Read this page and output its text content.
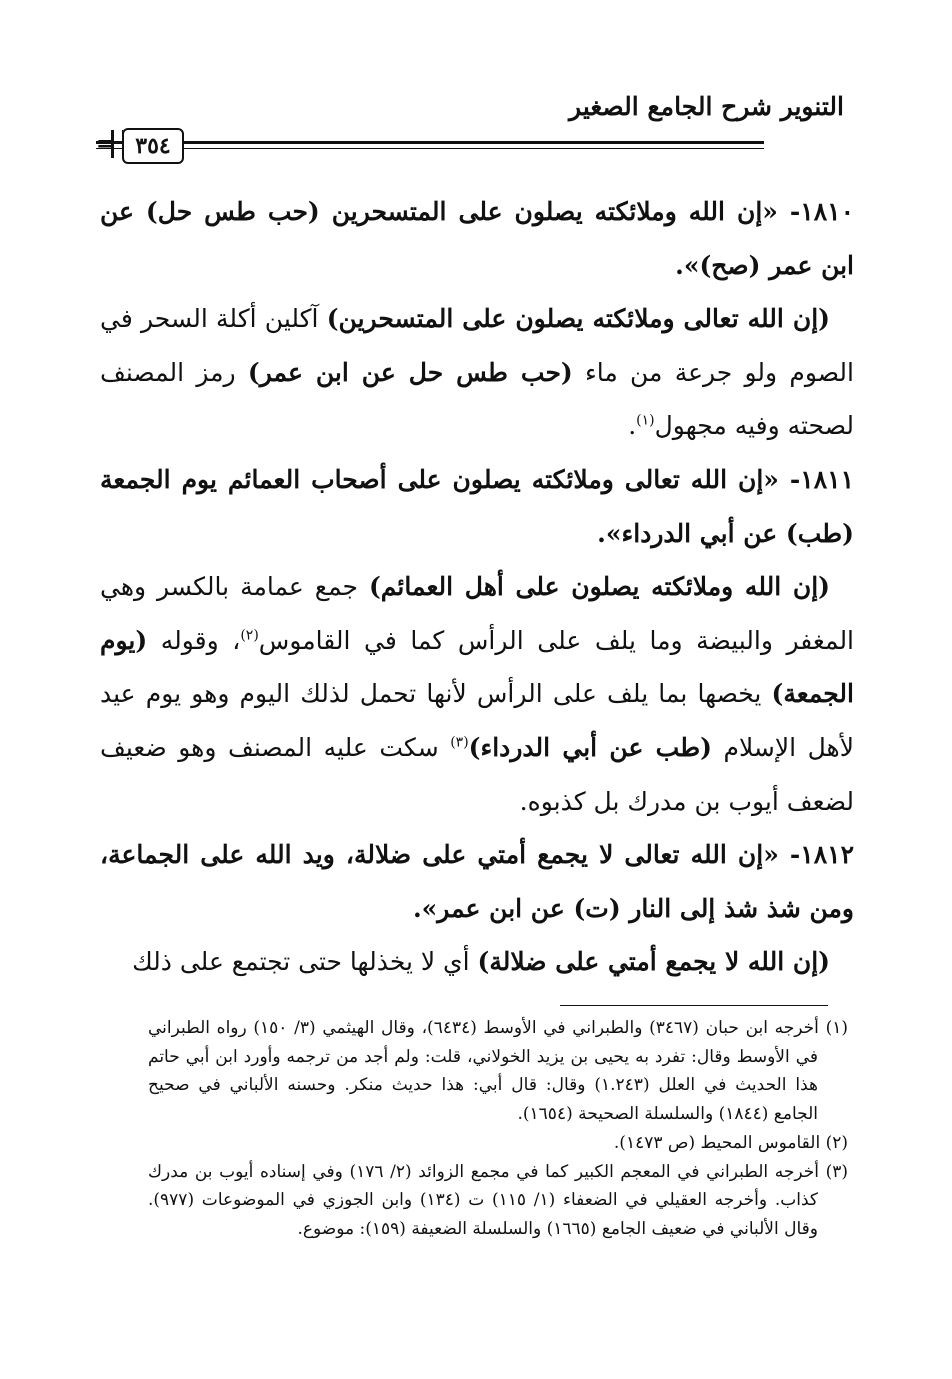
التنوير شرح الجامع الصغير
= ٣٥٤

١٨١٠- «إن الله وملائكته يصلون على المتسحرين (حب طس حل) عن ابن عمر (صح)».

(إن الله تعالى وملائكته يصلون على المتسحرين) آكلين أكلة السحر في الصوم ولو جرعة من ماء (حب طس حل عن ابن عمر) رمز المصنف لصحته وفيه مجهول$^{(١)}$.

١٨١١- «إن الله تعالى وملائكته يصلون على أصحاب العمائم يوم الجمعة (طب) عن أبي الدرداء».

(إن الله وملائكته يصلون على أهل العمائم) جمع عمامة بالكسر وهي المغفر والبيضة وما يلف على الرأس كما في القاموس$^{(٢)}$، وقوله (يوم الجمعة) يخصها بما يلف على الرأس لأنها تحمل لذلك اليوم وهو يوم عيد لأهل الإسلام (طب عن أبي الدرداء)$^{(٣)}$ سكت عليه المصنف وهو ضعيف لضعف أيوب بن مدرك بل كذبوه.

١٨١٢- «إن الله تعالى لا يجمع أمتي على ضلالة، ويد الله على الجماعة، ومن شذ شذ إلى النار (ت) عن ابن عمر».

(إن الله لا يجمع أمتي على ضلالة) أي لا يخذلها حتى تجتمع على ذلك

(١) أخرجه ابن حبان (٣٤٦٧) والطبراني في الأوسط (٦٤٣٤)، وقال الهيثمي (٣/ ١٥٠) رواه الطبراني في الأوسط وقال: تفرد به يحيى بن يزيد الخولاني، قلت: ولم أجد من ترجمه وأورد ابن أبي حاتم هذا الحديث في العلل (١.٢٤٣) وقال: قال أبي: هذا حديث منكر. وحسنه الألباني في صحيح الجامع (١٨٤٤) والسلسلة الصحيحة (١٦٥٤).

(٢) القاموس المحيط (ص ١٤٧٣).

(٣) أخرجه الطبراني في المعجم الكبير كما في مجمع الزوائد (٢/ ١٧٦) وفي إسناده أيوب بن مدرك كذاب. وأخرجه العقيلي في الضعفاء (١/ ١١٥) ت (١٣٤) وابن الجوزي في الموضوعات (٩٧٧). وقال الألباني في ضعيف الجامع (١٦٦٥) والسلسلة الضعيفة (١٥٩): موضوع.
